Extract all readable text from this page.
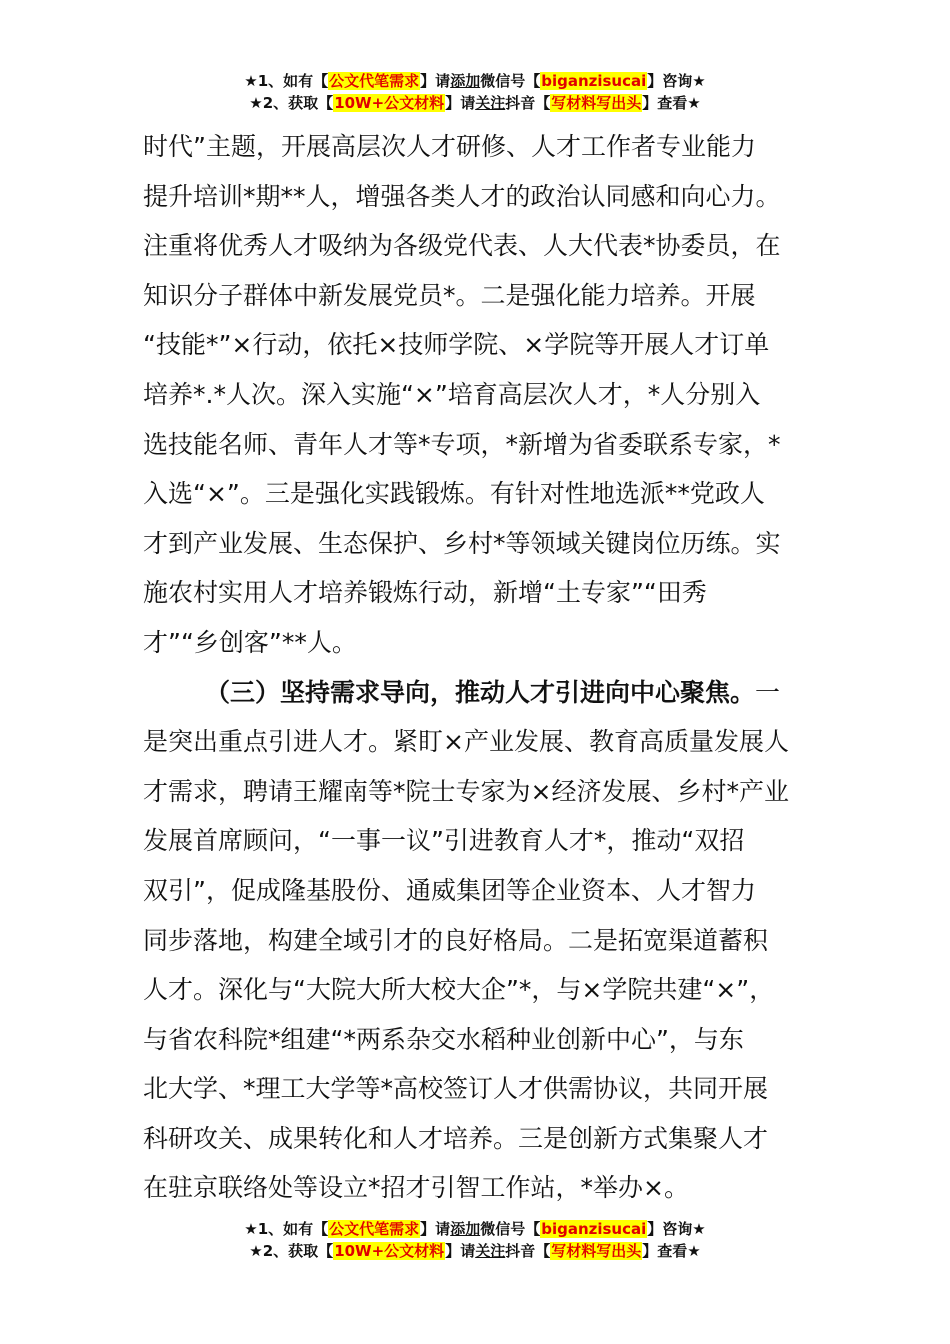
★1、如有【公文代笔需求】请添加微信号【biganzisucai】咨询★
★2、获取【10W+公文材料】请关注抖音【写材料写出头】查看★
时代”主题，开展高层次人才研修、人才工作者专业能力
提升培训*期**人，增强各类人才的政治认同感和向心力。
注重将优秀人才吸纳为各级党代表、人大代表*协委员，在
知识分子群体中新发展党员*。二是强化能力培养。开展
“技能*”×行动，依托×技师学院、×学院等开展人才订单
培养*.*人次。深入实施“×”培育高层次人才，*人分别入
选技能名师、青年人才等*专项，*新增为省委联系专家，*
入选“×”。三是强化实践锻炼。有针对性地选派**党政人
才到产业发展、生态保护、乡村*等领域关键岗位历练。实
施农村实用人才培养锻炼行动，新增“土专家”“田秀
才”“乡创客”**人。
（三）坚持需求导向，推动人才引进向中心聚焦。一
是突出重点引进人才。紧盯×产业发展、教育高质量发展人
才需求，聘请王耀南等*院士专家为×经济发展、乡村*产业
发展首席顾问，“一事一议”引进教育人才*，推动“双招
双引”，促成隆基股份、通威集团等企业资本、人才智力
同步落地，构建全域引才的良好格局。二是拓宽渠道蓄积
人才。深化与“大院大所大校大企”*，与×学院共建“×”，
与省农科院*组建“*两系杂交水稻种业创新中心”，与东
北大学、*理工大学等*高校签订人才供需协议，共同开展
科研攻关、成果转化和人才培养。三是创新方式集聚人才
在驻京联络处等设立*招才引智工作站，*举办×。
★1、如有【公文代笔需求】请添加微信号【biganzisucai】咨询★
★2、获取【10W+公文材料】请关注抖音【写材料写出头】查看★
